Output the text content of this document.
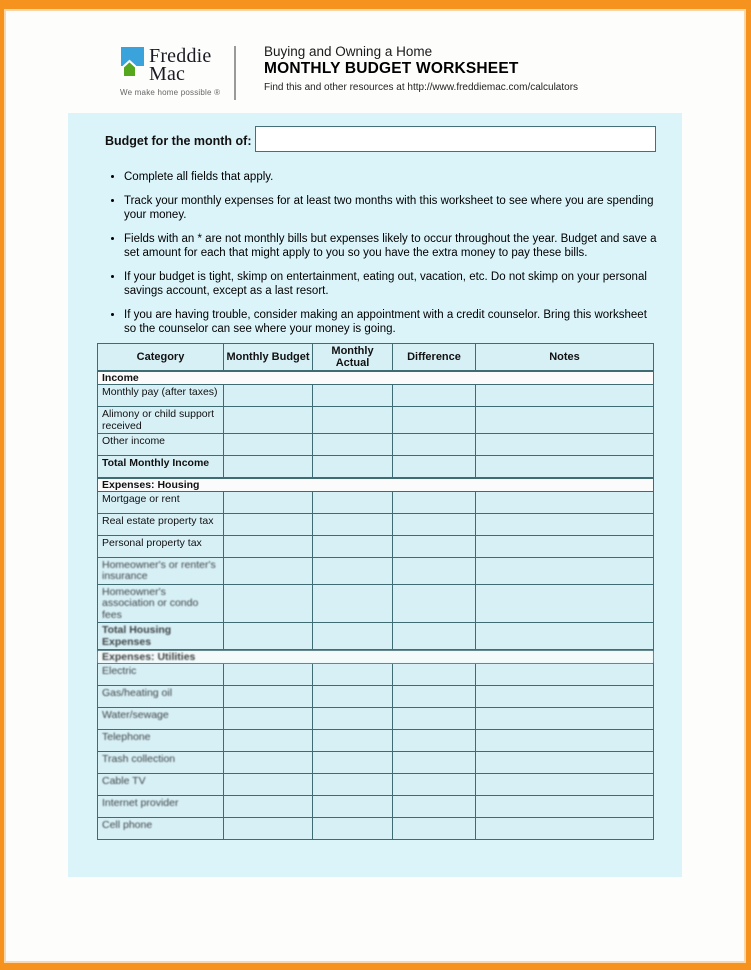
Freddie
Mac
We make home possible ®
Buying and Owning a Home
MONTHLY BUDGET WORKSHEET
Find this and other resources at http://www.freddiemac.com/calculators
Budget for the month of:
• Complete all fields that apply.
• Track your monthly expenses for at least two months with this worksheet to see where you are spending your money.
• Fields with an * are not monthly bills but expenses likely to occur throughout the year. Budget and save a set amount for each that might apply to you so you have the extra money to pay these bills.
• If your budget is tight, skimp on entertainment, eating out, vacation, etc. Do not skimp on your personal savings account, except as a last resort.
• If you are having trouble, consider making an appointment with a credit counselor. Bring this worksheet so the counselor can see where your money is going.
Category	Monthly Budget	Monthly Actual	Difference	Notes
Income				
Monthly pay (after taxes)				
Alimony or child support received				
Other income				
Total Monthly Income				
Expenses: Housing				
Mortgage or rent				
Real estate property tax				
Personal property tax				
Homeowner's or renter's insurance				
Homeowner's association or condo fees				
Total Housing Expenses				
Expenses: Utilities				
Electric				
Gas/heating oil				
Water/sewage				
Telephone				
Trash collection				
Cable TV				
Internet provider				
Cell phone				
